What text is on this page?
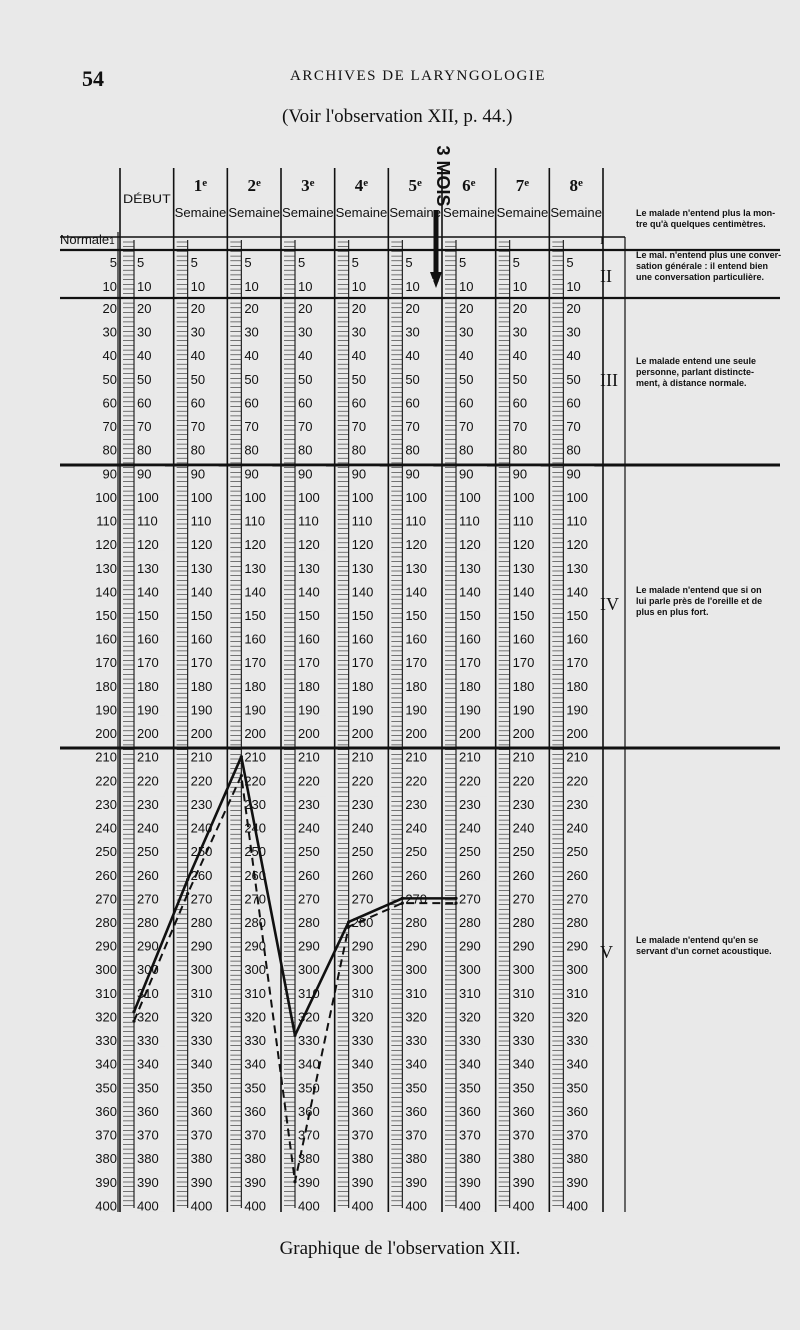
54	ARCHIVES DE LARYNGOLOGIE
(Voir l'observation XII, p. 44.)
DÉBUT
1e
Semaine
2e
Semaine
3e
Semaine
4e
Semaine
5e
Semaine
6e
Semaine
7e
Semaine
8e
Semaine
3 MOIS
Normale1
5
10
20
30
40
50
60
70
80
90
100
110
120
130
140
150
160
170
180
190
200
210
220
230
240
250
260
270
280
290
300
310
320
330
340
350
360
370
380
390
400
5
10
20
30
40
50
60
70
80
90
100
110
120
130
140
150
160
170
180
190
200
210
220
230
240
250
260
270
280
290
300
310
320
330
340
350
360
370
380
390
400
5
10
20
30
40
50
60
70
80
90
100
110
120
130
140
150
160
170
180
190
200
210
220
230
240
250
260
270
280
290
300
310
320
330
340
350
360
370
380
390
400
5
10
20
30
40
50
60
70
80
90
100
110
120
130
140
150
160
170
180
190
200
210
220
230
240
250
260
270
280
290
300
310
320
330
340
350
360
370
380
390
400
5
10
20
30
40
50
60
70
80
90
100
110
120
130
140
150
160
170
180
190
200
210
220
230
240
250
260
270
280
290
300
310
320
330
340
350
360
370
380
390
400
5
10
20
30
40
50
60
70
80
90
100
110
120
130
140
150
160
170
180
190
200
210
220
230
240
250
260
270
280
290
300
310
320
330
340
350
360
370
380
390
400
5
10
20
30
40
50
60
70
80
90
100
110
120
130
140
150
160
170
180
190
200
210
220
230
240
250
260
270
280
290
300
310
320
330
340
350
360
370
380
390
400
5
10
20
30
40
50
60
70
80
90
100
110
120
130
140
150
160
170
180
190
200
210
220
230
240
250
260
270
280
290
300
310
320
330
340
350
360
370
380
390
400
5
10
20
30
40
50
60
70
80
90
100
110
120
130
140
150
160
170
180
190
200
210
220
230
240
250
260
270
280
290
300
310
320
330
340
350
360
370
380
390
400
5
10
20
30
40
50
60
70
80
90
100
110
120
130
140
150
160
170
180
190
200
210
220
230
240
250
260
270
280
290
300
310
320
330
340
350
360
370
380
390
400
I
Le malade n'entend plus la mon-
tre qu'à quelques centimètres.
II
Le mal. n'entend plus une conver-
sation générale : il entend bien
une conversation particulière.
III
Le malade entend une seule
personne, parlant distincte-
ment, à distance normale.
IV
Le malade n'entend que si on
lui parle près de l'oreille et de
plus en plus fort.
V
Le malade n'entend qu'en se
servant d'un cornet acoustique.
Graphique de l'observation XII.
